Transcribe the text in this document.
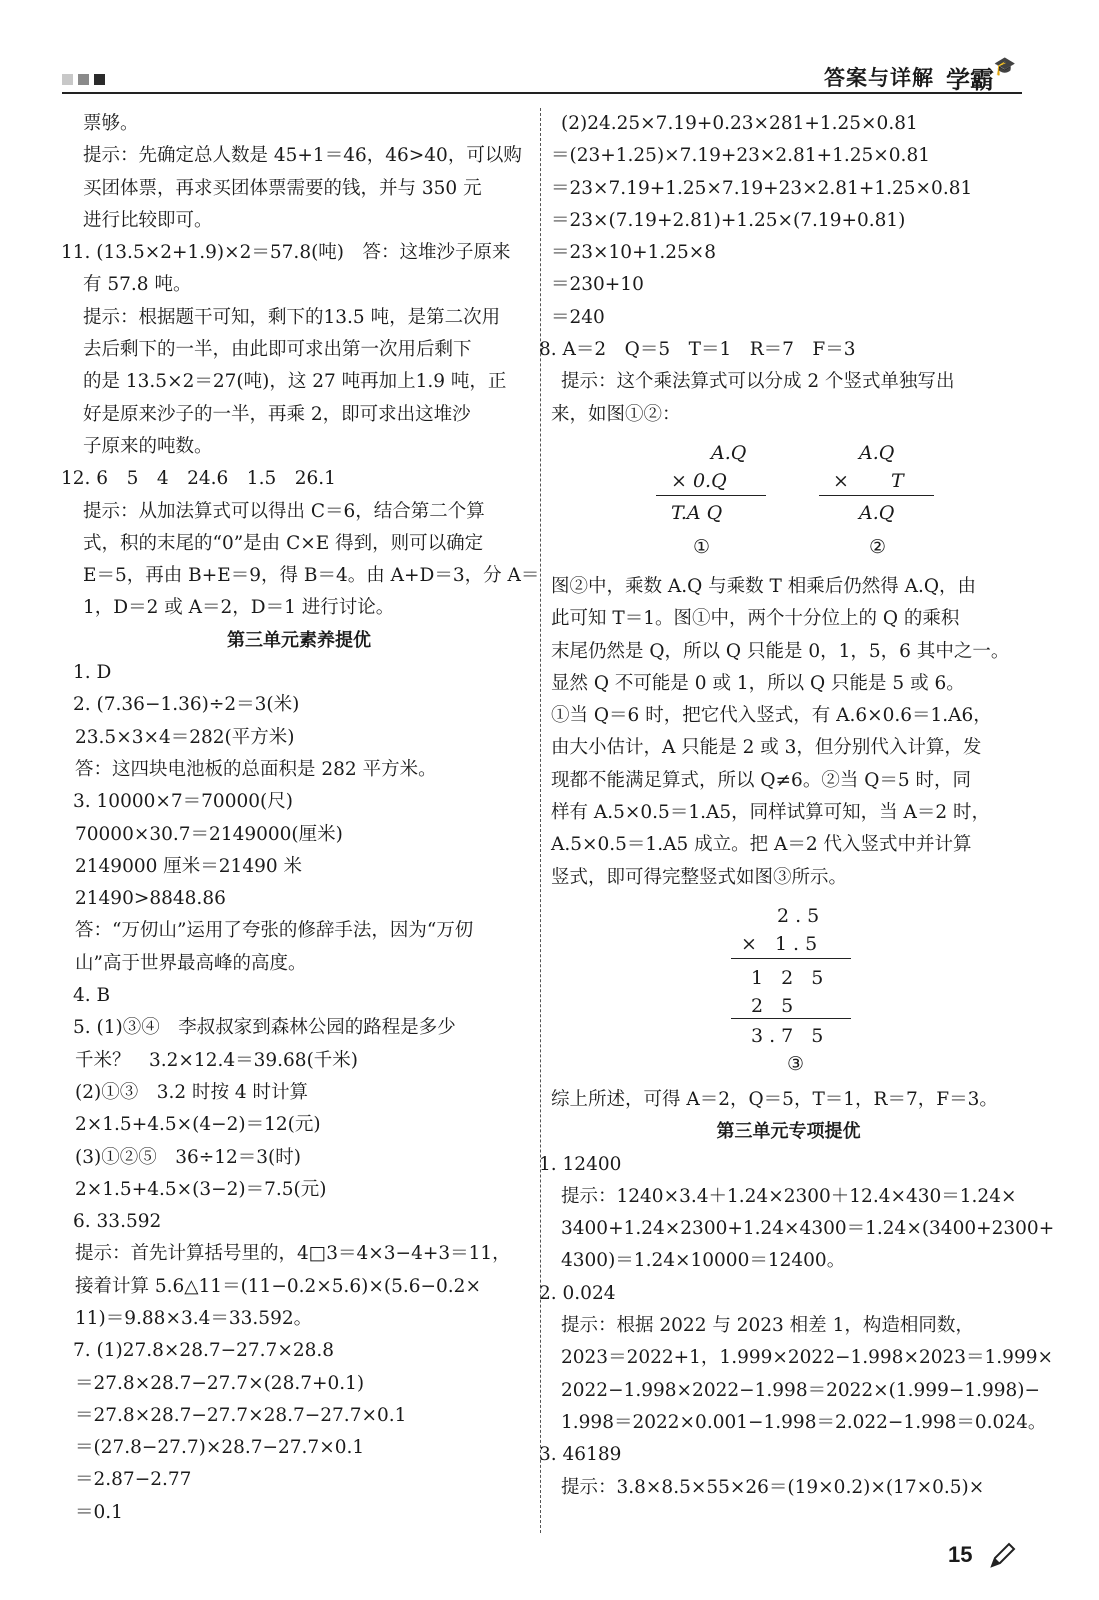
答案与详解 学霸 🎓
票够。
提示：先确定总人数是 45+1＝46，46>40，可以购
买团体票，再求买团体票需要的钱，并与 350 元
进行比较即可。
11. (13.5×2+1.9)×2＝57.8(吨)　答：这堆沙子原来
有 57.8 吨。
提示：根据题干可知，剩下的13.5 吨，是第二次用
去后剩下的一半，由此即可求出第一次用后剩下
的是 13.5×2＝27(吨)，这 27 吨再加上1.9 吨，正
好是原来沙子的一半，再乘 2，即可求出这堆沙
子原来的吨数。
12. 6　5　4　24.6　1.5　26.1
提示：从加法算式可以得出 C＝6，结合第二个算
式，积的末尾的“0”是由 C×E 得到，则可以确定
E＝5，再由 B+E＝9，得 B＝4。由 A+D＝3，分 A＝
1，D＝2 或 A＝2，D＝1 进行讨论。
第三单元素养提优
1. D
2. (7.36−1.36)÷2＝3(米)
23.5×3×4＝282(平方米)
答：这四块电池板的总面积是 282 平方米。
3. 10000×7＝70000(尺)
70000×30.7＝2149000(厘米)
2149000 厘米＝21490 米
21490>8848.86
答：“万仞山”运用了夸张的修辞手法，因为“万仞
山”高于世界最高峰的高度。
4. B
5. (1)③④　李叔叔家到森林公园的路程是多少
千米？　3.2×12.4＝39.68(千米)
(2)①③　3.2 时按 4 时计算
2×1.5+4.5×(4−2)＝12(元)
(3)①②⑤　36÷12＝3(时)
2×1.5+4.5×(3−2)＝7.5(元)
6. 33.592
提示：首先计算括号里的，4□3＝4×3−4+3＝11，
接着计算 5.6△11＝(11−0.2×5.6)×(5.6−0.2×
11)＝9.88×3.4＝33.592。
7. (1)27.8×28.7−27.7×28.8
＝27.8×28.7−27.7×(28.7+0.1)
＝27.8×28.7−27.7×28.7−27.7×0.1
＝(27.8−27.7)×28.7−27.7×0.1
＝2.87−2.77
＝0.1
(2)24.25×7.19+0.23×281+1.25×0.81
＝(23+1.25)×7.19+23×2.81+1.25×0.81
＝23×7.19+1.25×7.19+23×2.81+1.25×0.81
＝23×(7.19+2.81)+1.25×(7.19+0.81)
＝23×10+1.25×8
＝230+10
＝240
8. A＝2　Q＝5　T＝1　R＝7　F＝3
提示：这个乘法算式可以分成 2 个竖式单独写出
来，如图①②：
A.Q
× 0.Q
T.A Q
①
A.Q
× T
A.Q
②
图②中，乘数 A.Q 与乘数 T 相乘后仍然得 A.Q，由
此可知 T＝1。图①中，两个十分位上的 Q 的乘积
末尾仍然是 Q，所以 Q 只能是 0，1，5，6 其中之一。
显然 Q 不可能是 0 或 1，所以 Q 只能是 5 或 6。
①当 Q＝6 时，把它代入竖式，有 A.6×0.6＝1.A6，
由大小估计，A 只能是 2 或 3，但分别代入计算，发
现都不能满足算式，所以 Q≠6。②当 Q＝5 时，同
样有 A.5×0.5＝1.A5，同样试算可知，当 A＝2 时，
A.5×0.5＝1.A5 成立。把 A＝2 代入竖式中并计算
竖式，即可得完整竖式如图③所示。
2.5
× 1.5
1 2 5
2 5
3.7 5
③
综上所述，可得 A＝2，Q＝5，T＝1，R＝7，F＝3。
第三单元专项提优
1. 12400
提示：1240×3.4＋1.24×2300＋12.4×430＝1.24×
3400+1.24×2300+1.24×4300＝1.24×(3400+2300+
4300)＝1.24×10000＝12400。
2. 0.024
提示：根据 2022 与 2023 相差 1，构造相同数，
2023＝2022+1，1.999×2022−1.998×2023＝1.999×
2022−1.998×2022−1.998＝2022×(1.999−1.998)−
1.998＝2022×0.001−1.998＝2.022−1.998＝0.024。
3. 46189
提示：3.8×8.5×55×26＝(19×0.2)×(17×0.5)×
15
